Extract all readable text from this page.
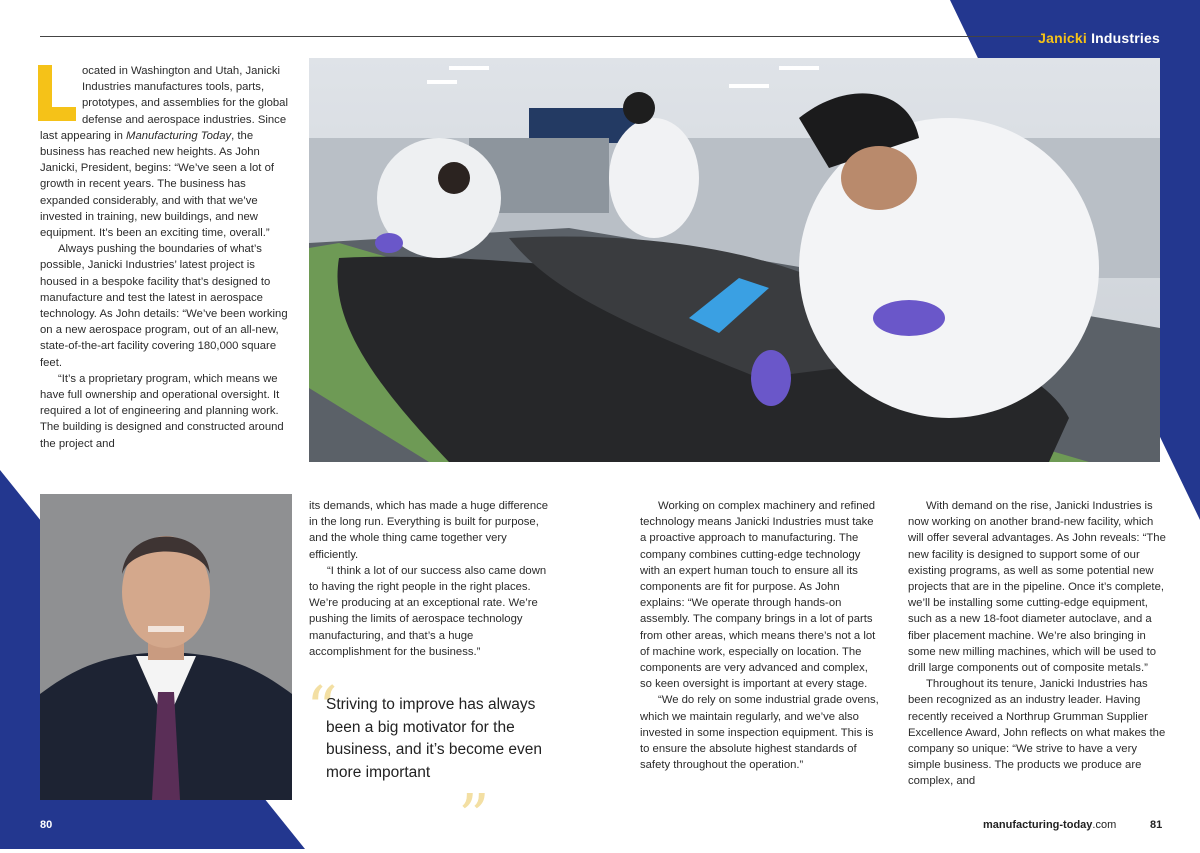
Janicki Industries

ocated in Washington and Utah, Janicki Industries manufactures tools, parts, prototypes, and assemblies for the global defense and aerospace industries. Since last appearing in Manufacturing Today, the business has reached new heights. As John Janicki, President, begins: “We’ve seen a lot of growth in recent years. The business has expanded considerably, and with that we’ve invested in training, new buildings, and new equipment. It’s been an exciting time, overall.”

Always pushing the boundaries of what’s possible, Janicki Industries’ latest project is housed in a bespoke facility that’s designed to manufacture and test the latest in aerospace technology. As John details: “We’ve been working on a new aerospace program, out of an all-new, state-of-the-art facility covering 180,000 square feet.

“It’s a proprietary program, which means we have full ownership and operational oversight. It required a lot of engineering and planning work. The building is designed and constructed around the project and

its demands, which has made a huge difference in the long run. Everything is built for purpose, and the whole thing came together very efficiently.

“I think a lot of our success also came down to having the right people in the right places. We’re producing at an exceptional rate. We’re pushing the limits of aerospace technology manufacturing, and that’s a huge accomplishment for the business.”

“
Striving to improve has always been a big motivator for the business, and it’s become even more important
”

Working on complex machinery and refined technology means Janicki Industries must take a proactive approach to manufacturing. The company combines cutting-edge technology with an expert human touch to ensure all its components are fit for purpose. As John explains: “We operate through hands-on assembly. The company brings in a lot of parts from other areas, which means there’s not a lot of machine work, especially on location. The components are very advanced and complex, so keen oversight is important at every stage.

“We do rely on some industrial grade ovens, which we maintain regularly, and we’ve also invested in some inspection equipment. This is to ensure the absolute highest standards of safety throughout the operation.”

With demand on the rise, Janicki Industries is now working on another brand-new facility, which will offer several advantages. As John reveals: “The new facility is designed to support some of our existing programs, as well as some potential new projects that are in the pipeline. Once it’s complete, we’ll be installing some cutting-edge equipment, such as a new 18-foot diameter autoclave, and a fiber placement machine. We’re also bringing in some new milling machines, which will be used to drill large components out of composite metals.”

Throughout its tenure, Janicki Industries has been recognized as an industry leader. Having recently received a Northrup Grumman Supplier Excellence Award, John reflects on what makes the company so unique: “We strive to have a very simple business. The products we produce are complex, and

80	manufacturing-today.com	81
